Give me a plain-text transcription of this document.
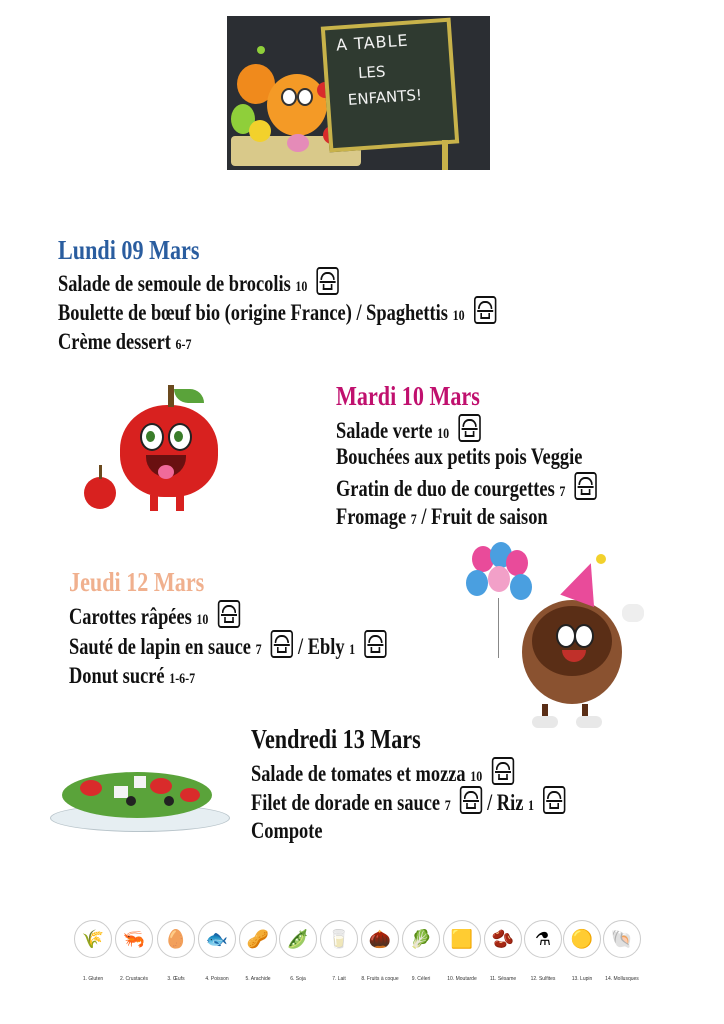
A TABLE
LES
ENFANTS!
Lundi 09 Mars
Salade de semoule de brocolis 10
Boulette de bœuf bio (origine France) / Spaghettis 10
Crème dessert 6-7
Mardi 10 Mars
Salade verte 10
Bouchées aux petits pois Veggie
Gratin de duo de courgettes 7
Fromage 7 / Fruit de saison
Jeudi 12 Mars
Carottes râpées 10
Sauté de lapin en sauce 7 / Ebly 1
Donut sucré 1-6-7
Vendredi 13 Mars
Salade de tomates et mozza 10
Filet de dorade en sauce 7 / Riz 1
Compote
🌾
1. Gluten
🦐
2. Crustacés
🥚
3. Œufs
🐟
4. Poisson
🥜
5. Arachide
🫛
6. Soja
🥛
7. Lait
🌰
8. Fruits à coque
🥬
9. Céleri
🟨
10. Moutarde
🫘
11. Sésame
⚗
12. Sulfites
🟡
13. Lupin
🐚
14. Mollusques
